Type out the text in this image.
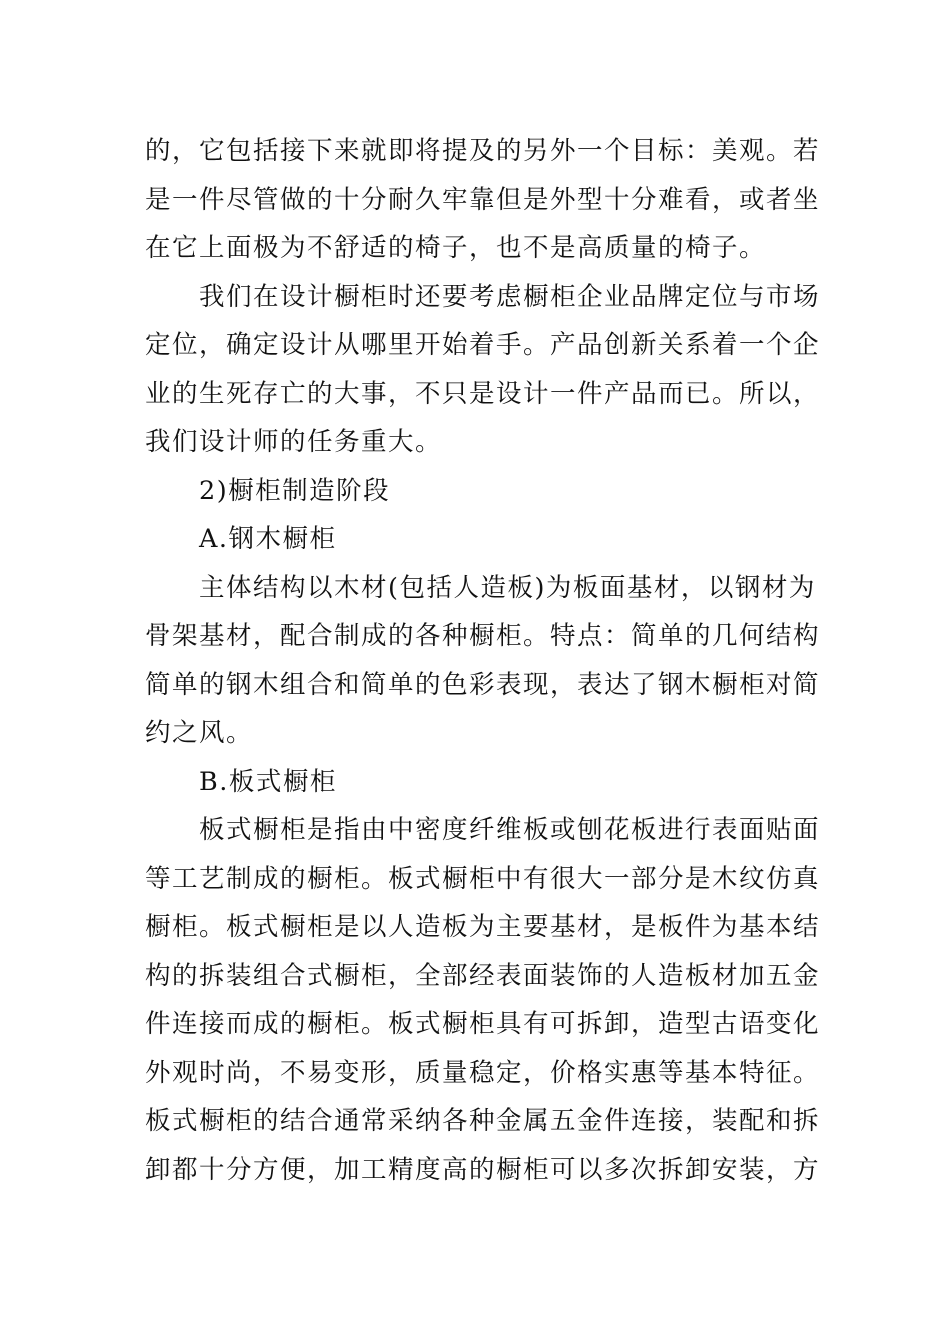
的，它包括接下来就即将提及的另外一个目标：美观。若
是一件尽管做的十分耐久牢靠但是外型十分难看，或者坐
在它上面极为不舒适的椅子，也不是高质量的椅子。
我们在设计橱柜时还要考虑橱柜企业品牌定位与市场
定位，确定设计从哪里开始着手。产品创新关系着一个企
业的生死存亡的大事，不只是设计一件产品而已。所以，
我们设计师的任务重大。
2)橱柜制造阶段
A.钢木橱柜
主体结构以木材(包括人造板)为板面基材，以钢材为
骨架基材，配合制成的各种橱柜。特点：简单的几何结构
简单的钢木组合和简单的色彩表现，表达了钢木橱柜对简
约之风。
B.板式橱柜
板式橱柜是指由中密度纤维板或刨花板进行表面贴面
等工艺制成的橱柜。板式橱柜中有很大一部分是木纹仿真
橱柜。板式橱柜是以人造板为主要基材，是板件为基本结
构的拆装组合式橱柜，全部经表面装饰的人造板材加五金
件连接而成的橱柜。板式橱柜具有可拆卸，造型古语变化
外观时尚，不易变形，质量稳定，价格实惠等基本特征。
板式橱柜的结合通常采纳各种金属五金件连接，装配和拆
卸都十分方便，加工精度高的橱柜可以多次拆卸安装，方
